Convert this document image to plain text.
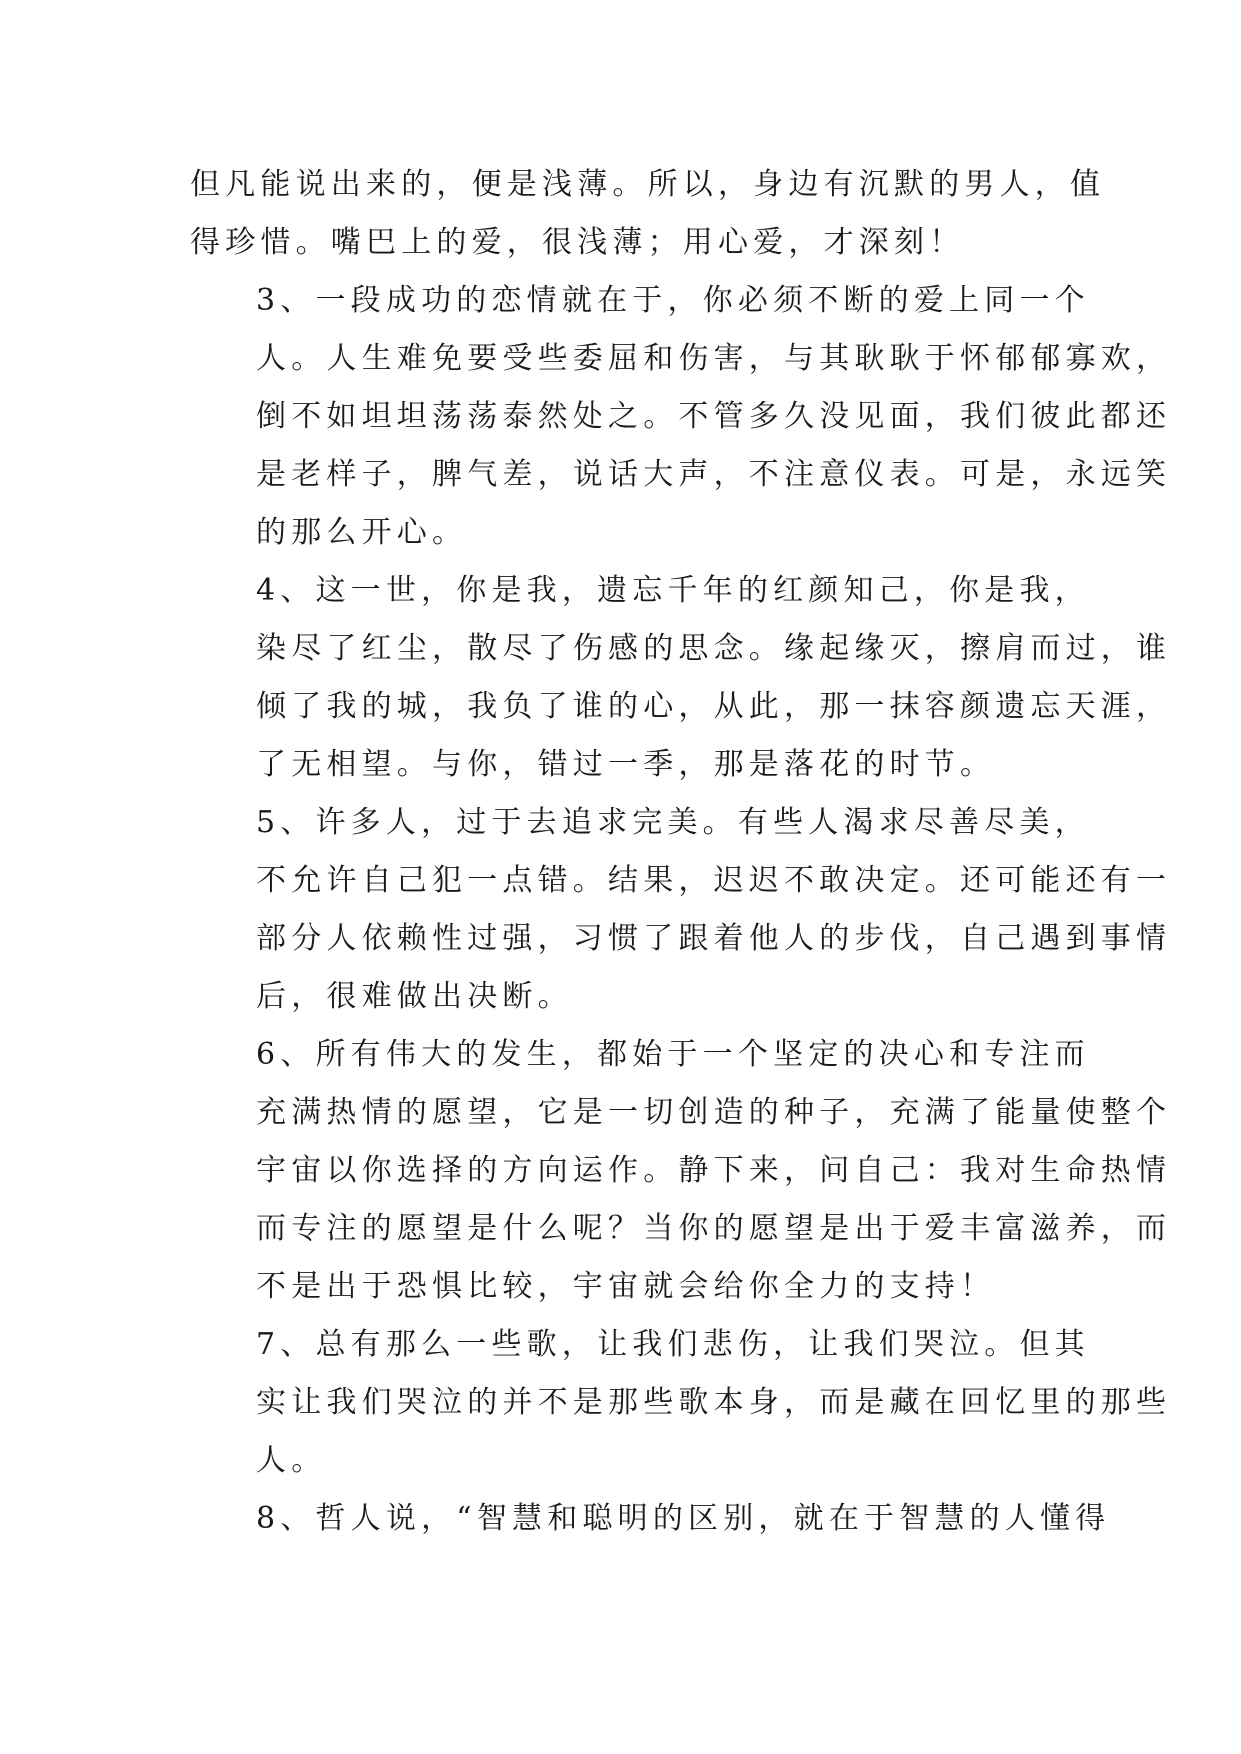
但凡能说出来的，便是浅薄。所以，身边有沉默的男人，值
得珍惜。嘴巴上的爱，很浅薄；用心爱，才深刻！

3、一段成功的恋情就在于，你必须不断的爱上同一个
人。人生难免要受些委屈和伤害，与其耿耿于怀郁郁寡欢，
倒不如坦坦荡荡泰然处之。不管多久没见面，我们彼此都还
是老样子，脾气差，说话大声，不注意仪表。可是，永远笑
的那么开心。

4、这一世，你是我，遗忘千年的红颜知己，你是我，
染尽了红尘，散尽了伤感的思念。缘起缘灭，擦肩而过，谁
倾了我的城，我负了谁的心，从此，那一抹容颜遗忘天涯，
了无相望。与你，错过一季，那是落花的时节。

5、许多人，过于去追求完美。有些人渴求尽善尽美，
不允许自己犯一点错。结果，迟迟不敢决定。还可能还有一
部分人依赖性过强，习惯了跟着他人的步伐，自己遇到事情
后，很难做出决断。

6、所有伟大的发生，都始于一个坚定的决心和专注而
充满热情的愿望，它是一切创造的种子，充满了能量使整个
宇宙以你选择的方向运作。静下来，问自己：我对生命热情
而专注的愿望是什么呢？当你的愿望是出于爱丰富滋养，而
不是出于恐惧比较，宇宙就会给你全力的支持！

7、总有那么一些歌，让我们悲伤，让我们哭泣。但其
实让我们哭泣的并不是那些歌本身，而是藏在回忆里的那些
人。

8、哲人说，“智慧和聪明的区别，就在于智慧的人懂得
